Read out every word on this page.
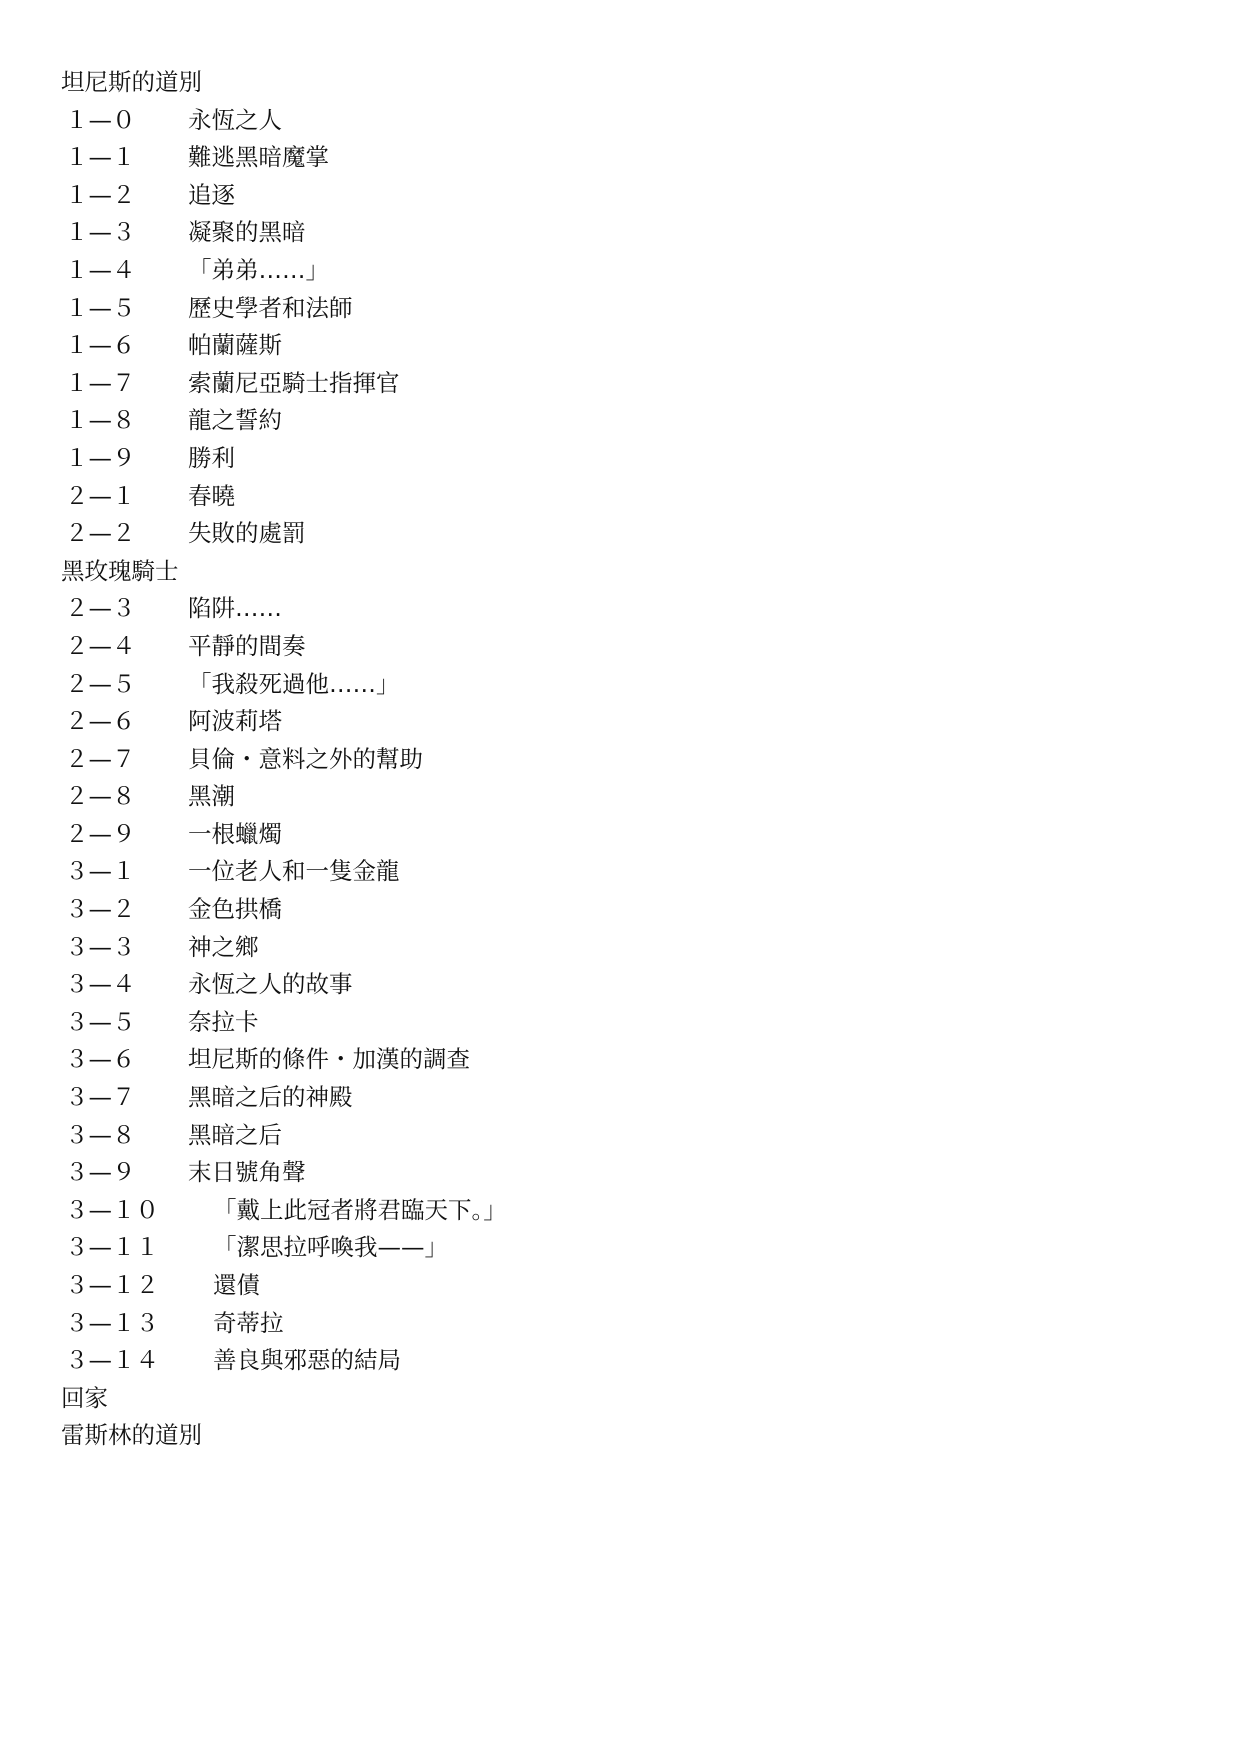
坦尼斯的道別
１—０ 永恆之人
１—１ 難逃黑暗魔掌
１—２ 追逐
１—３ 凝聚的黑暗
１—４ 「弟弟……」
１—５ 歷史學者和法師
１—６ 帕蘭薩斯
１—７ 索蘭尼亞騎士指揮官
１—８ 龍之誓約
１—９ 勝利
２—１ 春曉
２—２ 失敗的處罰
黑玫瑰騎士
２—３ 陷阱……
２—４ 平靜的間奏
２—５ 「我殺死過他……」
２—６ 阿波莉塔
２—７ 貝倫・意料之外的幫助
２—８ 黑潮
２—９ 一根蠟燭
３—１ 一位老人和一隻金龍
３—２ 金色拱橋
３—３ 神之鄉
３—４ 永恆之人的故事
３—５ 奈拉卡
３—６ 坦尼斯的條件・加漢的調查
３—７ 黑暗之后的神殿
３—８ 黑暗之后
３—９ 末日號角聲
３—１０ 「戴上此冠者將君臨天下。」
３—１１ 「潔思拉呼喚我——」
３—１２ 還債
３—１３ 奇蒂拉
３—１４ 善良與邪惡的結局
回家
雷斯林的道別
